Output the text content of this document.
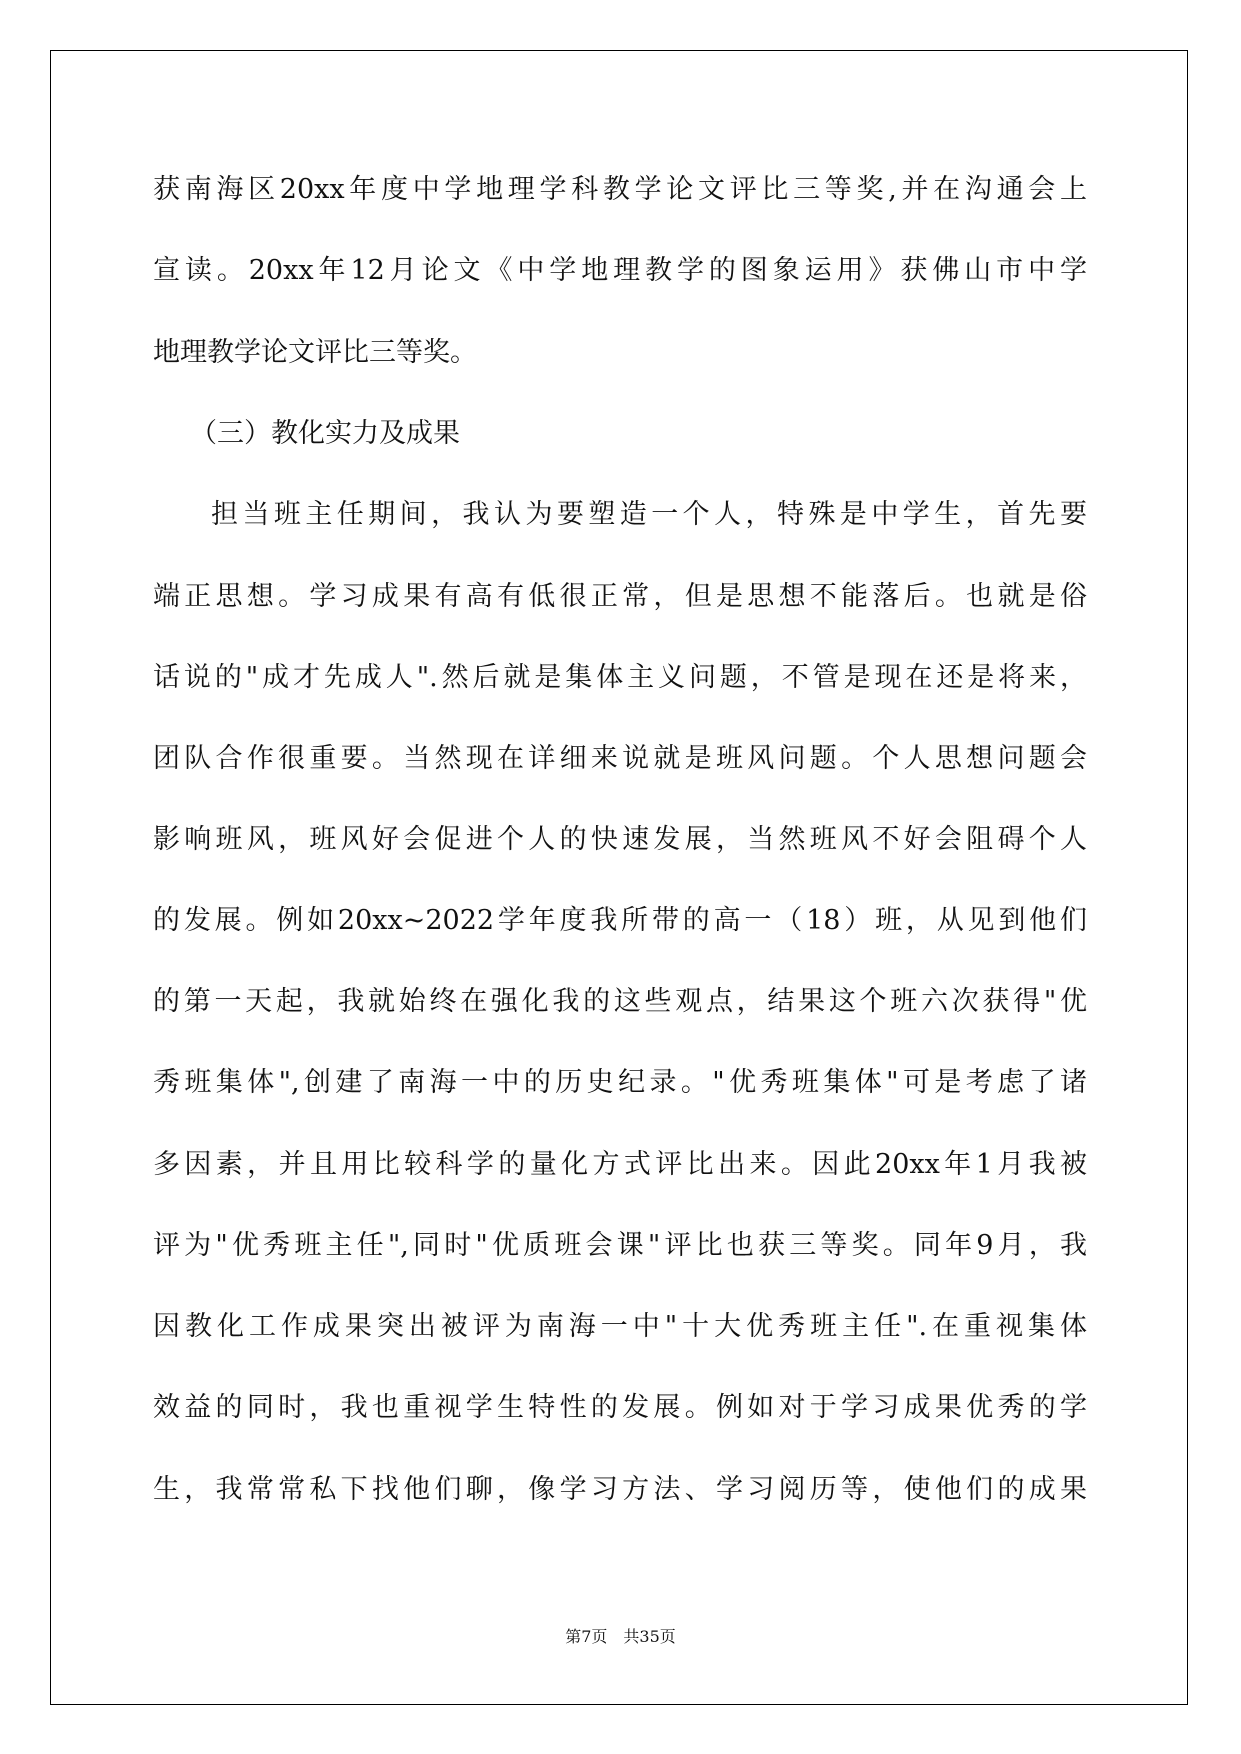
获南海区20xx年度中学地理学科教学论文评比三等奖,并在沟通会上
宣读。20xx年12月论文《中学地理教学的图象运用》获佛山市中学
地理教学论文评比三等奖。
（三）教化实力及成果
担当班主任期间，我认为要塑造一个人，特殊是中学生，首先要
端正思想。学习成果有高有低很正常，但是思想不能落后。也就是俗
话说的"成才先成人".然后就是集体主义问题，不管是现在还是将来，
团队合作很重要。当然现在详细来说就是班风问题。个人思想问题会
影响班风，班风好会促进个人的快速发展，当然班风不好会阻碍个人
的发展。例如20xx~2022学年度我所带的高一（18）班，从见到他们
的第一天起，我就始终在强化我的这些观点，结果这个班六次获得"优
秀班集体",创建了南海一中的历史纪录。"优秀班集体"可是考虑了诸
多因素，并且用比较科学的量化方式评比出来。因此20xx年1月我被
评为"优秀班主任",同时"优质班会课"评比也获三等奖。同年9月，我
因教化工作成果突出被评为南海一中"十大优秀班主任".在重视集体
效益的同时，我也重视学生特性的发展。例如对于学习成果优秀的学
生，我常常私下找他们聊，像学习方法、学习阅历等，使他们的成果
第7页　共35页
